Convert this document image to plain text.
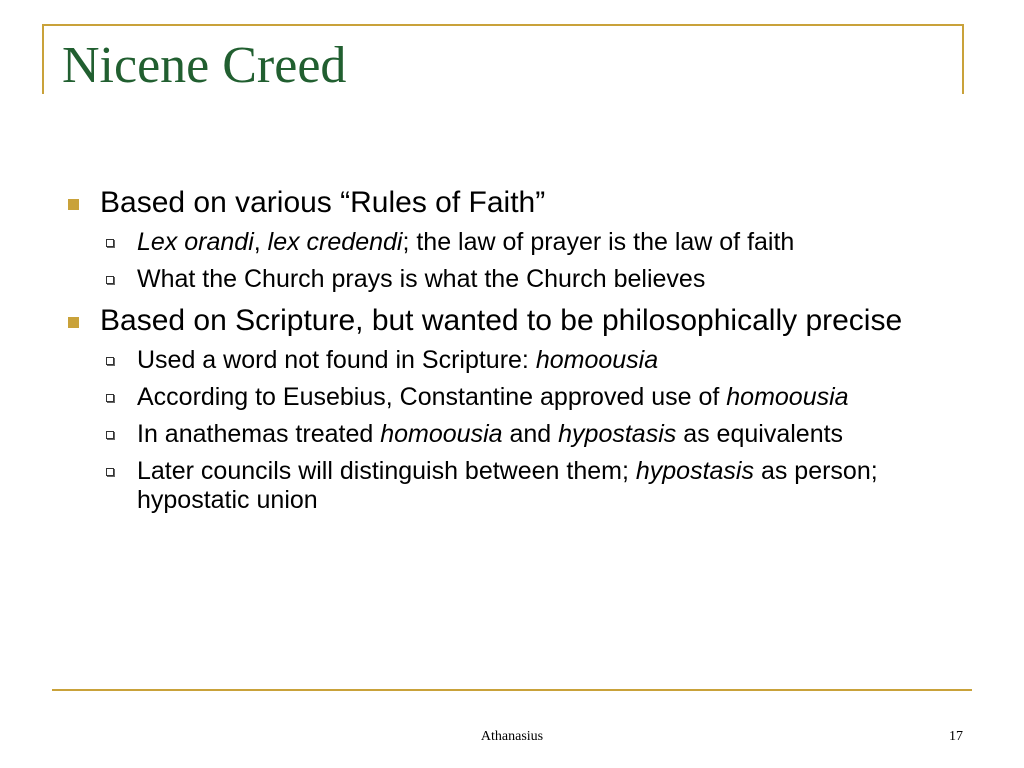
Nicene Creed
Based on various “Rules of Faith”
Lex orandi, lex credendi; the law of prayer is the law of faith
What the Church prays is what the Church believes
Based on Scripture, but wanted to be philosophically precise
Used a word not found in Scripture: homoousia
According to Eusebius, Constantine approved use of homoousia
In anathemas treated homoousia and hypostasis as equivalents
Later councils will distinguish between them; hypostasis as person; hypostatic union
Athanasius	17
